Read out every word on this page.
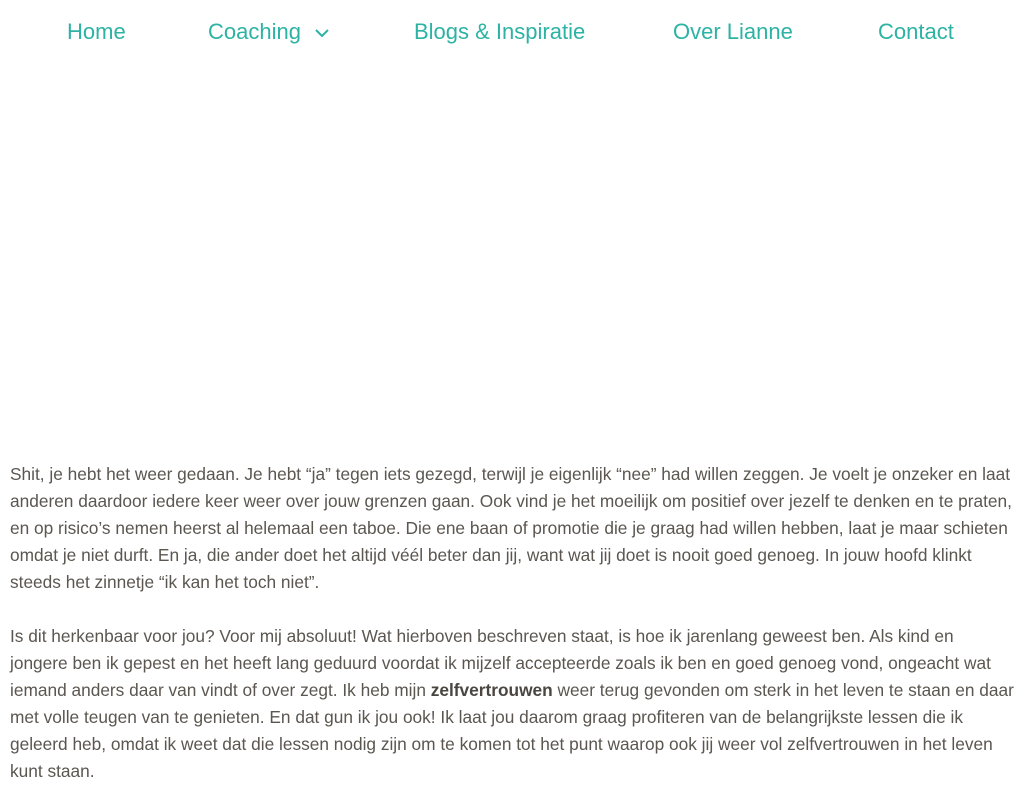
Home	Coaching	Blogs & Inspiratie	Over Lianne	Contact

Shit, je hebt het weer gedaan. Je hebt “ja” tegen iets gezegd, terwijl je eigenlijk “nee” had willen zeggen. Je voelt je onzeker en laat anderen daardoor iedere keer weer over jouw grenzen gaan. Ook vind je het moeilijk om positief over jezelf te denken en te praten, en op risico’s nemen heerst al helemaal een taboe. Die ene baan of promotie die je graag had willen hebben, laat je maar schieten omdat je niet durft. En ja, die ander doet het altijd véél beter dan jij, want wat jij doet is nooit goed genoeg. In jouw hoofd klinkt steeds het zinnetje “ik kan het toch niet”.

Is dit herkenbaar voor jou? Voor mij absoluut! Wat hierboven beschreven staat, is hoe ik jarenlang geweest ben. Als kind en jongere ben ik gepest en het heeft lang geduurd voordat ik mijzelf accepteerde zoals ik ben en goed genoeg vond, ongeacht wat iemand anders daar van vindt of over zegt. Ik heb mijn zelfvertrouwen weer terug gevonden om sterk in het leven te staan en daar met volle teugen van te genieten. En dat gun ik jou ook! Ik laat jou daarom graag profiteren van de belangrijkste lessen die ik geleerd heb, omdat ik weet dat die lessen nodig zijn om te komen tot het punt waarop ook jij weer vol zelfvertrouwen in het leven kunt staan.
